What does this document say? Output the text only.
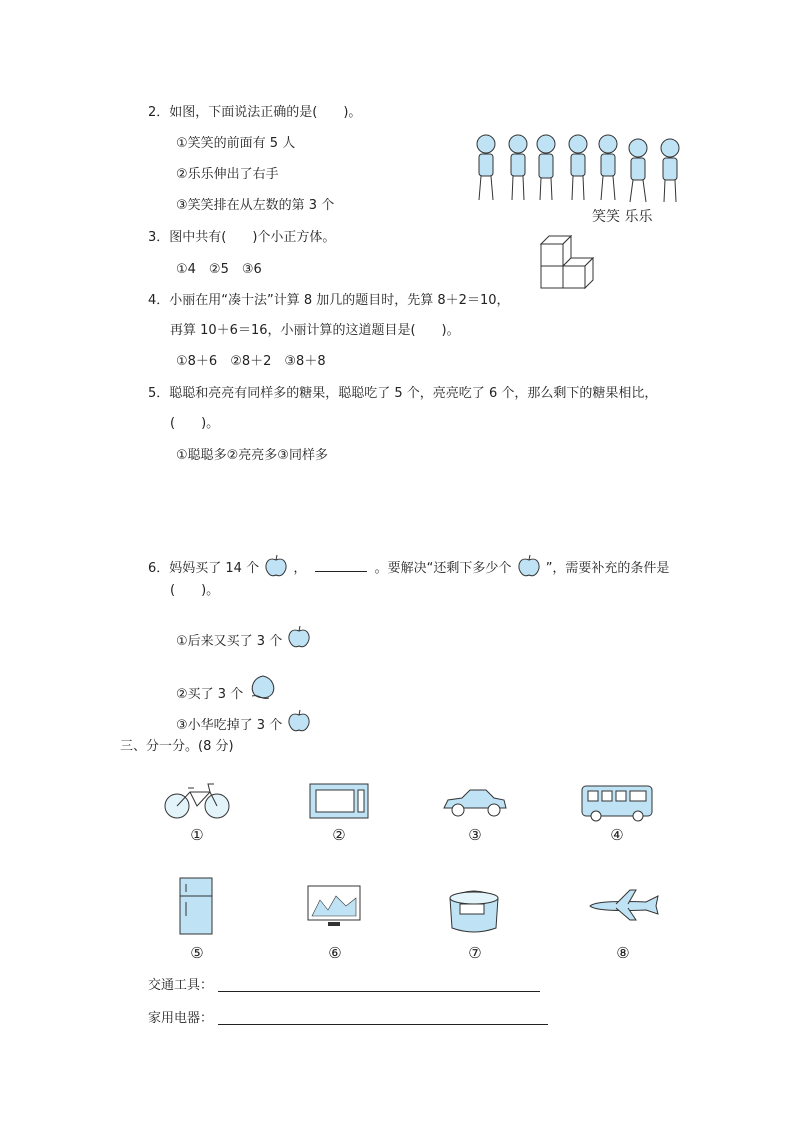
2．如图，下面说法正确的是(　　)。
①笑笑的前面有 5 人
②乐乐伸出了右手
③笑笑排在从左数的第 3 个
笑笑 乐乐
3．图中共有(　　)个小正方体。
①4　②5　③6
4．小丽在用“凑十法”计算 8 加几的题目时，先算 8＋2＝10，
再算 10＋6＝16，小丽计算的这道题目是(　　)。
①8＋6　②8＋2　③8＋8
5．聪聪和亮亮有同样多的糖果，聪聪吃了 5 个，亮亮吃了 6 个，那么剩下的糖果相比，
(　　)。
①聪聪多②亮亮多③同样多
6．妈妈买了 14 个	，	。要解决“还剩下多少个	”，需要补充的条件是
(　　)。
①后来又买了 3 个
②买了 3 个
③小华吃掉了 3 个
三、分一分。(8 分)
①	②	③	④
⑤	⑥	⑦	⑧
交通工具：
家用电器：
